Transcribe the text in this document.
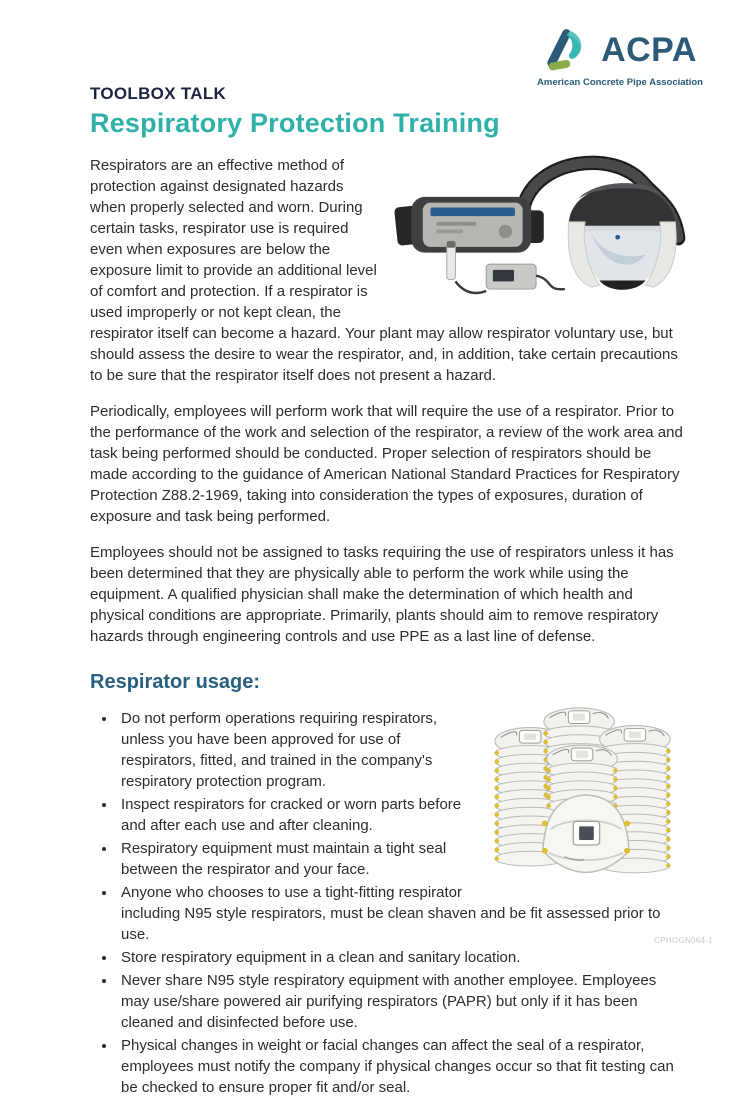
ACPA
American Concrete Pipe Association
TOOLBOX TALK
Respiratory Protection Training

Respirators are an effective method of protection against designated hazards when properly selected and worn. During certain tasks, respirator use is required even when exposures are below the exposure limit to provide an additional level of comfort and protection. If a respirator is used improperly or not kept clean, the respirator itself can become a hazard. Your plant may allow respirator voluntary use, but should assess the desire to wear the respirator, and, in addition, take certain precautions to be sure that the respirator itself does not present a hazard.

Periodically, employees will perform work that will require the use of a respirator. Prior to the performance of the work and selection of the respirator, a review of the work area and task being performed should be conducted. Proper selection of respirators should be made according to the guidance of American National Standard Practices for Respiratory Protection Z88.2-1969, taking into consideration the types of exposures, duration of exposure and task being performed.

Employees should not be assigned to tasks requiring the use of respirators unless it has been determined that they are physically able to perform the work while using the equipment. A qualified physician shall make the determination of which health and physical conditions are appropriate. Primarily, plants should aim to remove respiratory hazards through engineering controls and use PPE as a last line of defense.

Respirator usage:
• Do not perform operations requiring respirators, unless you have been approved for use of respirators, fitted, and trained in the company's respiratory protection program.
• Inspect respirators for cracked or worn parts before and after each use and after cleaning.
• Respiratory equipment must maintain a tight seal between the respirator and your face.
• Anyone who chooses to use a tight-fitting respirator including N95 style respirators, must be clean shaven and be fit assessed prior to use.
• Store respiratory equipment in a clean and sanitary location.
• Never share N95 style respiratory equipment with another employee. Employees may use/share powered air purifying respirators (PAPR) but only if it has been cleaned and disinfected before use.
• Physical changes in weight or facial changes can affect the seal of a respirator, employees must notify the company if physical changes occur so that fit testing can be checked to ensure proper fit and/or seal.
CPHOGN064-1
